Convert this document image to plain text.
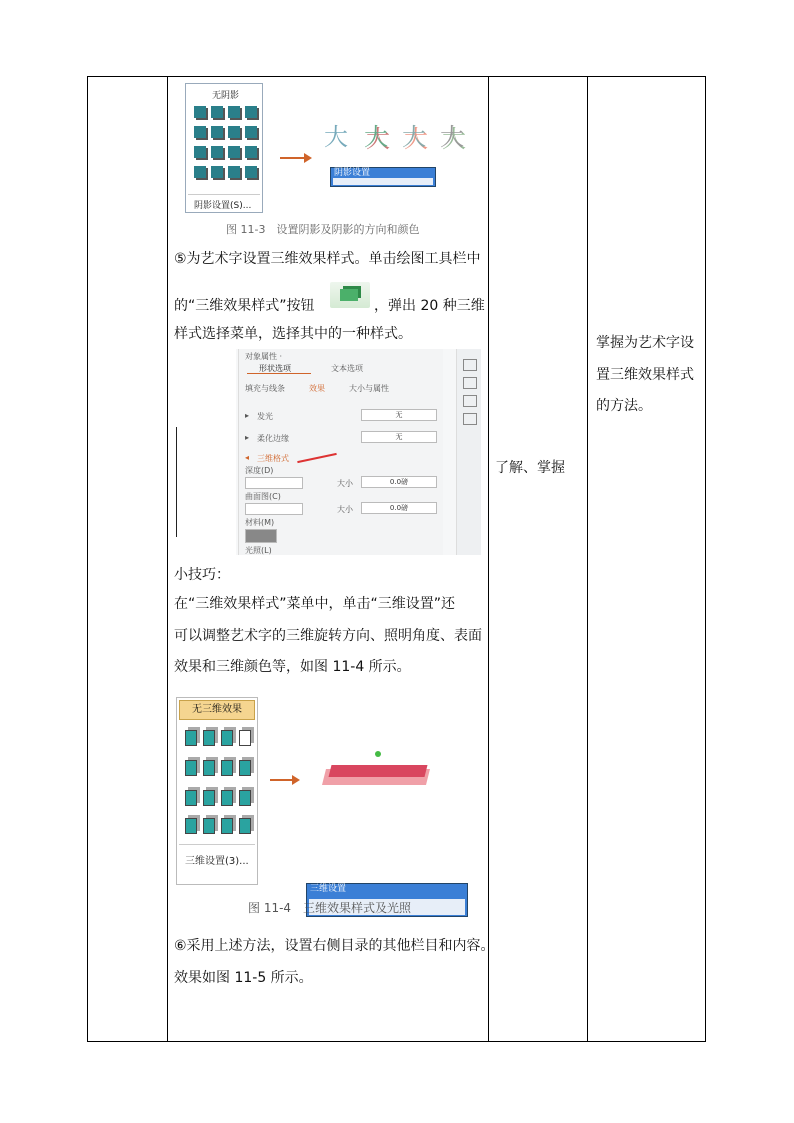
无阴影
阴影设置(S)...
大 大 大 大
阴影设置
图 11-3　设置阴影及阴影的方向和颜色
⑤为艺术字设置三维效果样式。单击绘图工具栏中
的“三维效果样式”按钮	，弹出 20 种三维
样式选择菜单，选择其中的一种样式。
对象属性 ·
形状选项	文本选项
填充与线条	效果	大小与属性
▸ 发光	无
▸ 柔化边缘	无
◂ 三维格式
深度(D)
大小	0.0磅
曲面图(C)
大小	0.0磅
材料(M)
光照(L)
小技巧：
在“三维效果样式”菜单中，单击“三维设置”还
可以调整艺术字的三维旋转方向、照明角度、表面
效果和三维颜色等，如图 11-4 所示。
无三维效果
三维设置(3)...
三维设置
图 11-4　三维效果样式及光照
⑥采用上述方法，设置右侧目录的其他栏目和内容。
效果如图 11-5 所示。
了解、掌握
掌握为艺术字设
置三维效果样式
的方法。
